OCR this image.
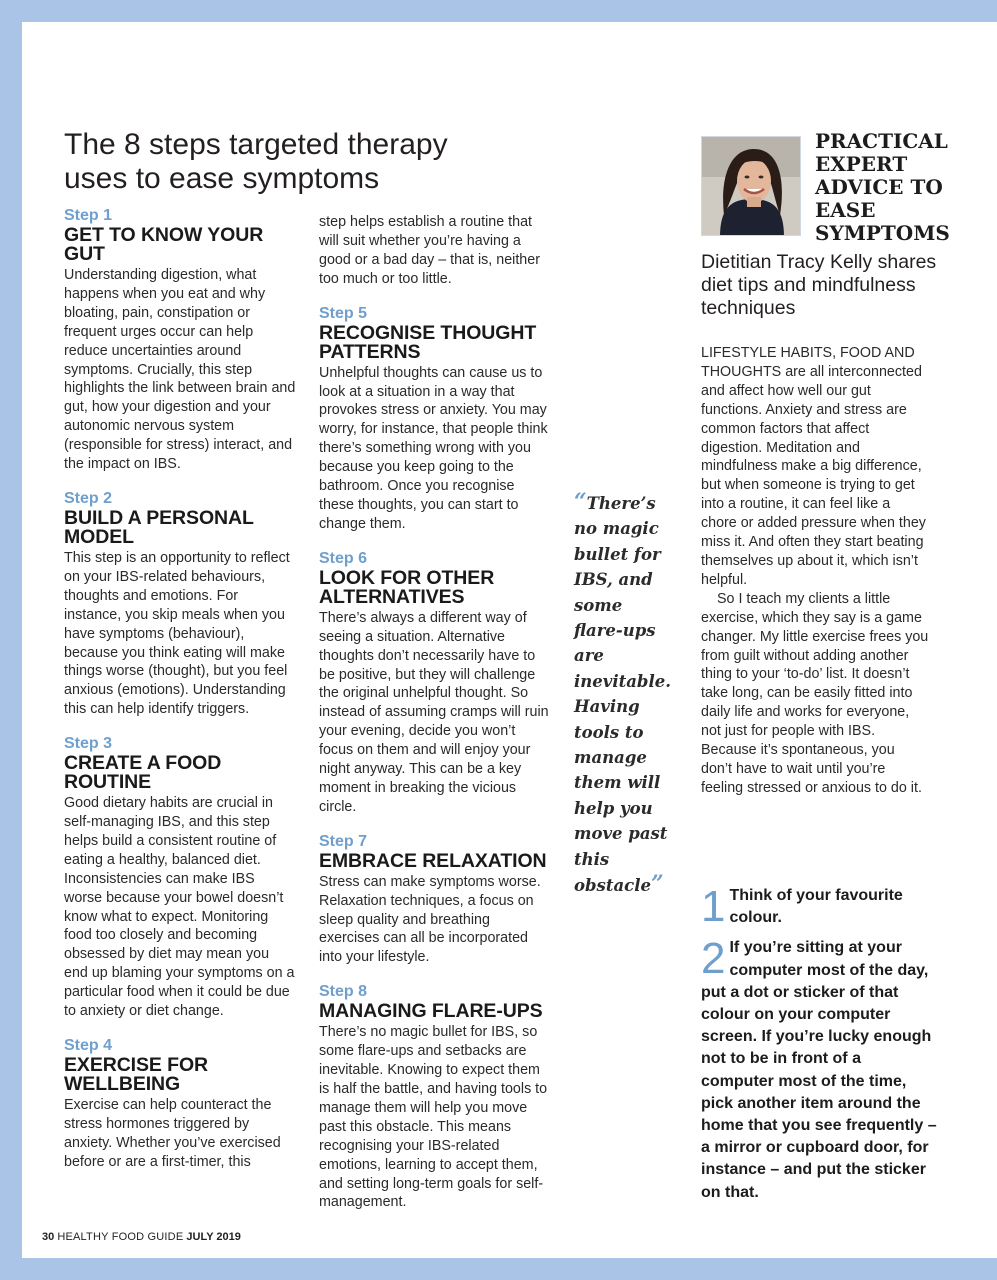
The 8 steps targeted therapy uses to ease symptoms
Step 1
GET TO KNOW YOUR GUT
Understanding digestion, what happens when you eat and why bloating, pain, constipation or frequent urges occur can help reduce uncertainties around symptoms. Crucially, this step highlights the link between brain and gut, how your digestion and your autonomic nervous system (responsible for stress) interact, and the impact on IBS.
Step 2
BUILD A PERSONAL MODEL
This step is an opportunity to reflect on your IBS-related behaviours, thoughts and emotions. For instance, you skip meals when you have symptoms (behaviour), because you think eating will make things worse (thought), but you feel anxious (emotions). Understanding this can help identify triggers.
Step 3
CREATE A FOOD ROUTINE
Good dietary habits are crucial in self-managing IBS, and this step helps build a consistent routine of eating a healthy, balanced diet. Inconsistencies can make IBS worse because your bowel doesn’t know what to expect. Monitoring food too closely and becoming obsessed by diet may mean you end up blaming your symptoms on a particular food when it could be due to anxiety or diet change.
Step 4
EXERCISE FOR WELLBEING
Exercise can help counteract the stress hormones triggered by anxiety. Whether you’ve exercised before or are a first-timer, this
step helps establish a routine that will suit whether you’re having a good or a bad day – that is, neither too much or too little.
Step 5
RECOGNISE THOUGHT PATTERNS
Unhelpful thoughts can cause us to look at a situation in a way that provokes stress or anxiety. You may worry, for instance, that people think there’s something wrong with you because you keep going to the bathroom. Once you recognise these thoughts, you can start to change them.
Step 6
LOOK FOR OTHER ALTERNATIVES
There’s always a different way of seeing a situation. Alternative thoughts don’t necessarily have to be positive, but they will challenge the original unhelpful thought. So instead of assuming cramps will ruin your evening, decide you won’t focus on them and will enjoy your night anyway. This can be a key moment in breaking the vicious circle.
Step 7
EMBRACE RELAXATION
Stress can make symptoms worse. Relaxation techniques, a focus on sleep quality and breathing exercises can all be incorporated into your lifestyle.
Step 8
MANAGING FLARE-UPS
There’s no magic bullet for IBS, so some flare-ups and setbacks are inevitable. Knowing to expect them is half the battle, and having tools to manage them will help you move past this obstacle. This means recognising your IBS-related emotions, learning to accept them, and setting long-term goals for self-management.
“There’s no magic bullet for IBS, and some flare-ups are inevitable. Having tools to manage them will help you move past this obstacle”
PRACTICAL EXPERT ADVICE TO EASE SYMPTOMS
Dietitian Tracy Kelly shares diet tips and mindfulness techniques

LIFESTYLE HABITS, FOOD AND THOUGHTS are all interconnected and affect how well our gut functions. Anxiety and stress are common factors that affect digestion. Meditation and mindfulness make a big difference, but when someone is trying to get into a routine, it can feel like a chore or added pressure when they miss it. And often they start beating themselves up about it, which isn’t helpful.

So I teach my clients a little exercise, which they say is a game changer. My little exercise frees you from guilt without adding another thing to your ‘to-do’ list. It doesn’t take long, can be easily fitted into daily life and works for everyone, not just for people with IBS. Because it’s spontaneous, you don’t have to wait until you’re feeling stressed or anxious to do it.

1 Think of your favourite colour.
2 If you’re sitting at your computer most of the day, put a dot or sticker of that colour on your computer screen. If you’re lucky enough not to be in front of a computer most of the time, pick another item around the home that you see frequently – a mirror or cupboard door, for instance – and put the sticker on that.
30 HEALTHY FOOD GUIDE JULY 2019
